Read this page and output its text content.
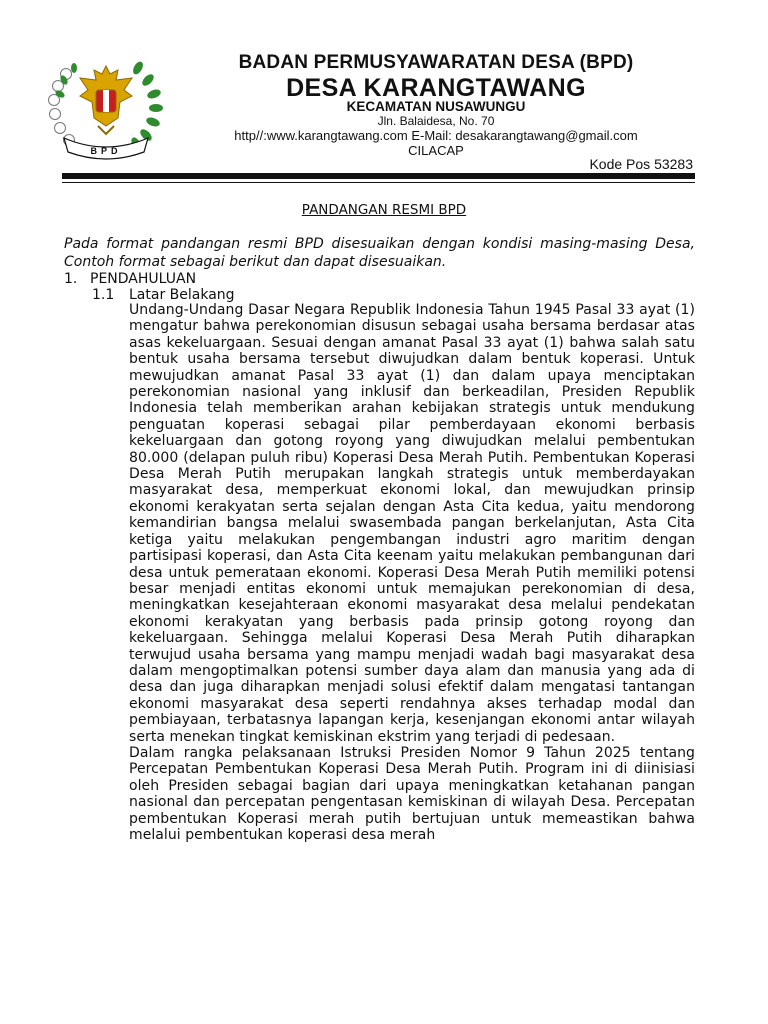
BPD
BADAN PERMUSYAWARATAN DESA (BPD)
DESA KARANGTAWANG
KECAMATAN NUSAWUNGU
Jln. Balaidesa, No. 70
http//:www.karangtawang.com E-Mail: desakarangtawang@gmail.com
CILACAP
Kode Pos 53283
PANDANGAN RESMI BPD
Pada format pandangan resmi BPD disesuaikan dengan kondisi masing-masing Desa, Contoh format sebagai berikut dan dapat disesuaikan.
1. PENDAHULUAN
1.1 Latar Belakang

Undang-Undang Dasar Negara Republik Indonesia Tahun 1945 Pasal 33 ayat (1) mengatur bahwa perekonomian disusun sebagai usaha bersama berdasar atas asas kekeluargaan. Sesuai dengan amanat Pasal 33 ayat (1) bahwa salah satu bentuk usaha bersama tersebut diwujudkan dalam bentuk koperasi. Untuk mewujudkan amanat Pasal 33 ayat (1) dan dalam upaya menciptakan perekonomian nasional yang inklusif dan berkeadilan, Presiden Republik Indonesia telah memberikan arahan kebijakan strategis untuk mendukung penguatan koperasi sebagai pilar pemberdayaan ekonomi berbasis kekeluargaan dan gotong royong yang diwujudkan melalui pembentukan 80.000 (delapan puluh ribu) Koperasi Desa Merah Putih. Pembentukan Koperasi Desa Merah Putih merupakan langkah strategis untuk memberdayakan masyarakat desa, memperkuat ekonomi lokal, dan mewujudkan prinsip ekonomi kerakyatan serta sejalan dengan Asta Cita kedua, yaitu mendorong kemandirian bangsa melalui swasembada pangan berkelanjutan, Asta Cita ketiga yaitu melakukan pengembangan industri agro maritim dengan partisipasi koperasi, dan Asta Cita keenam yaitu melakukan pembangunan dari desa untuk pemerataan ekonomi. Koperasi Desa Merah Putih memiliki potensi besar menjadi entitas ekonomi untuk memajukan perekonomian di desa, meningkatkan kesejahteraan ekonomi masyarakat desa melalui pendekatan ekonomi kerakyatan yang berbasis pada prinsip gotong royong dan kekeluargaan. Sehingga melalui Koperasi Desa Merah Putih diharapkan terwujud usaha bersama yang mampu menjadi wadah bagi masyarakat desa dalam mengoptimalkan potensi sumber daya alam dan manusia yang ada di desa dan juga diharapkan menjadi solusi efektif dalam mengatasi tantangan ekonomi masyarakat desa seperti rendahnya akses terhadap modal dan pembiayaan, terbatasnya lapangan kerja, kesenjangan ekonomi antar wilayah serta menekan tingkat kemiskinan ekstrim yang terjadi di pedesaan.

Dalam rangka pelaksanaan Istruksi Presiden Nomor 9 Tahun 2025 tentang Percepatan Pembentukan Koperasi Desa Merah Putih. Program ini di diinisiasi oleh Presiden sebagai bagian dari upaya meningkatkan ketahanan pangan nasional dan percepatan pengentasan kemiskinan di wilayah Desa. Percepatan pembentukan Koperasi merah putih bertujuan untuk memeastikan bahwa melalui pembentukan koperasi desa merah
